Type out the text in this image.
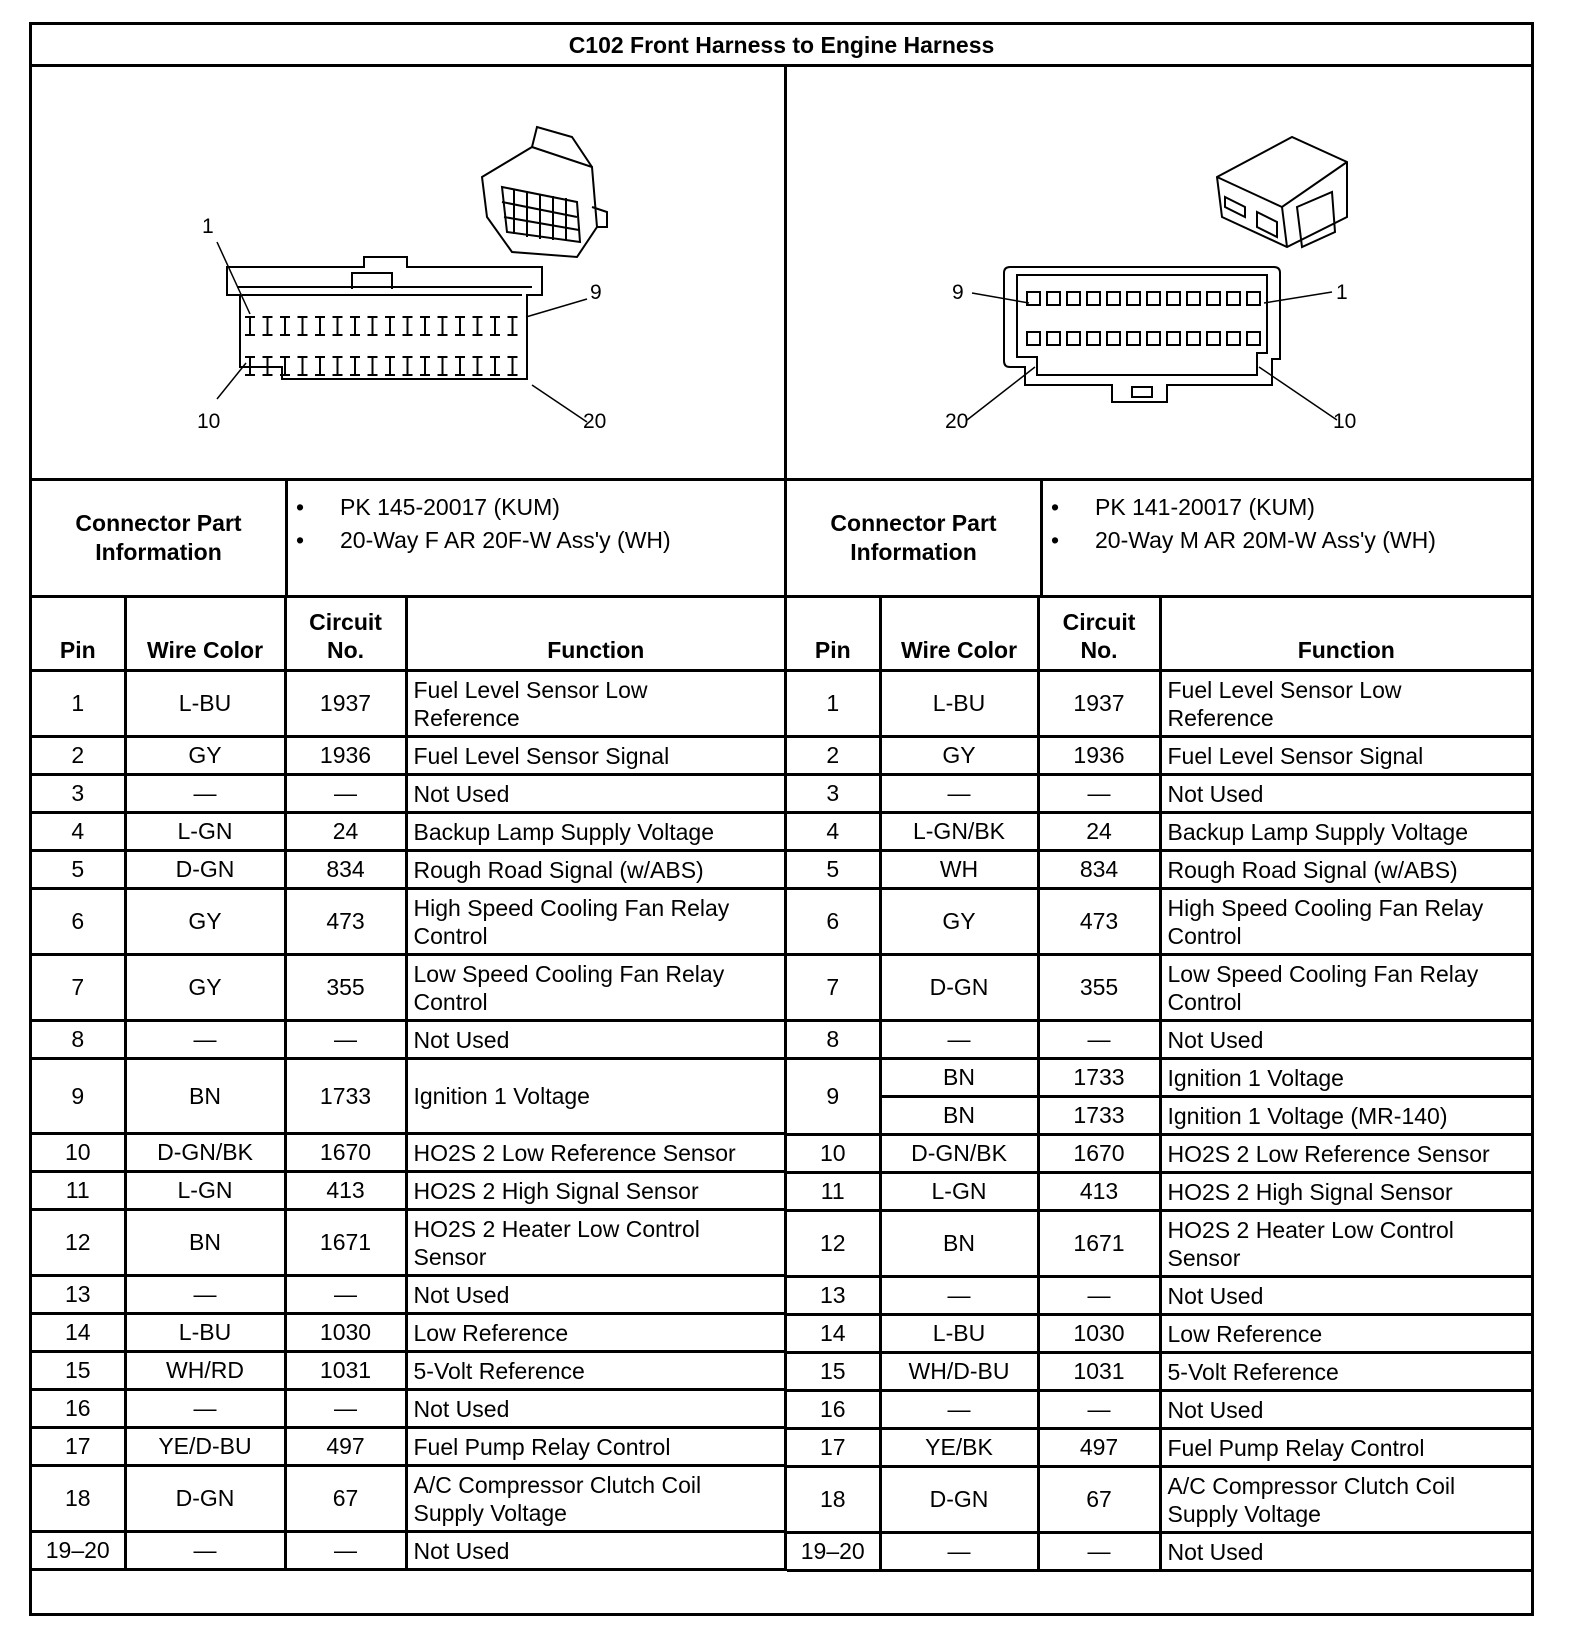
C102 Front Harness to Engine Harness
1
9
10	20
9	1
20	10
Connector Part
Information
• PK 145-20017 (KUM)
• 20-Way F AR 20F-W Ass'y (WH)
Connector Part
Information
• PK 141-20017 (KUM)
• 20-Way M AR 20M-W Ass'y (WH)
Pin	Wire Color	Circuit
No.	Function
1	L-BU	1937	Fuel Level Sensor Low
Reference
2	GY	1936	Fuel Level Sensor Signal
3	—	—	Not Used
4	L-GN	24	Backup Lamp Supply Voltage
5	D-GN	834	Rough Road Signal (w/ABS)
6	GY	473	High Speed Cooling Fan Relay
Control
7	GY	355	Low Speed Cooling Fan Relay
Control
8	—	—	Not Used
9	BN	1733	Ignition 1 Voltage
10	D-GN/BK	1670	HO2S 2 Low Reference Sensor
11	L-GN	413	HO2S 2 High Signal Sensor
12	BN	1671	HO2S 2 Heater Low Control
Sensor
13	—	—	Not Used
14	L-BU	1030	Low Reference
15	WH/RD	1031	5-Volt Reference
16	—	—	Not Used
17	YE/D-BU	497	Fuel Pump Relay Control
18	D-GN	67	A/C Compressor Clutch Coil
Supply Voltage
19–20	—	—	Not Used
Pin	Wire Color	Circuit
No.	Function
1	L-BU	1937	Fuel Level Sensor Low
Reference
2	GY	1936	Fuel Level Sensor Signal
3	—	—	Not Used
4	L-GN/BK	24	Backup Lamp Supply Voltage
5	WH	834	Rough Road Signal (w/ABS)
6	GY	473	High Speed Cooling Fan Relay
Control
7	D-GN	355	Low Speed Cooling Fan Relay
Control
8	—	—	Not Used
9	BN	1733	Ignition 1 Voltage
	BN	1733	Ignition 1 Voltage (MR-140)
10	D-GN/BK	1670	HO2S 2 Low Reference Sensor
11	L-GN	413	HO2S 2 High Signal Sensor
12	BN	1671	HO2S 2 Heater Low Control
Sensor
13	—	—	Not Used
14	L-BU	1030	Low Reference
15	WH/D-BU	1031	5-Volt Reference
16	—	—	Not Used
17	YE/BK	497	Fuel Pump Relay Control
18	D-GN	67	A/C Compressor Clutch Coil
Supply Voltage
19–20	—	—	Not Used
